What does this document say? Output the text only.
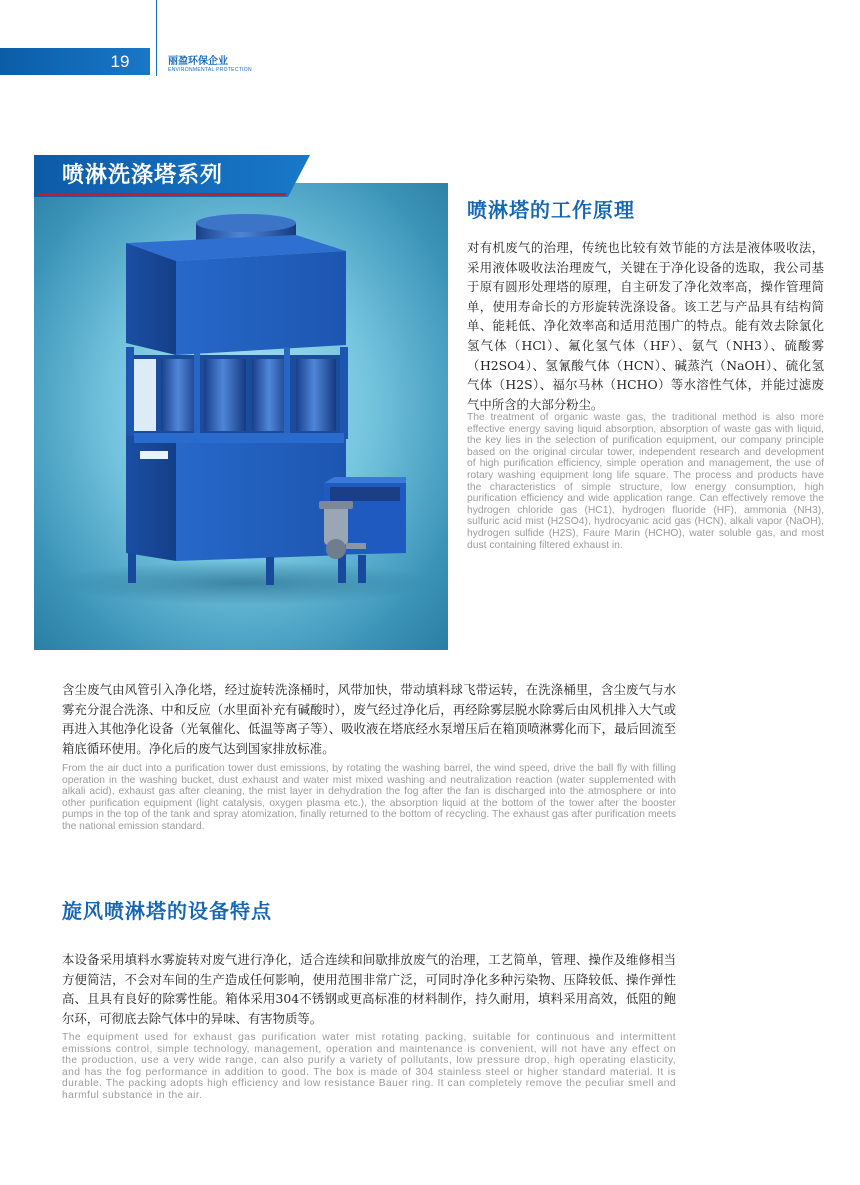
19	丽盈环保企业
ENVIRONMENTAL PROTECTION
喷淋洗涤塔系列
喷淋塔的工作原理
对有机废气的治理，传统也比较有效节能的方法是液体吸收法，采用液体吸收法治理废气，关键在于净化设备的选取，我公司基于原有圆形处理塔的原理，自主研发了净化效率高，操作管理简单，使用寿命长的方形旋转洗涤设备。该工艺与产品具有结构简单、能耗低、净化效率高和适用范围广的特点。能有效去除氯化氢气体（HCl）、氟化氢气体（HF）、氨气（NH3）、硫酸雾（H2SO4）、氢氰酸气体（HCN）、碱蒸汽（NaOH）、硫化氢气体（H2S）、福尔马林（HCHO）等水溶性气体，并能过滤废气中所含的大部分粉尘。
The treatment of organic waste gas, the traditional method is also more effective energy saving liquid absorption, absorption of waste gas with liquid, the key lies in the selection of purification equipment, our company principle based on the original circular tower, independent research and development of high purification efficiency, simple operation and management, the use of rotary washing equipment long life square. The process and products have the characteristics of simple structure, low energy consumption, high purification efficiency and wide application range. Can effectively remove the hydrogen chloride gas (HC1), hydrogen fluoride (HF), ammonia (NH3), sulfuric acid mist (H2SO4), hydrocyanic acid gas (HCN), alkali vapor (NaOH), hydrogen sulfide (H2S), Faure Marin (HCHO), water soluble gas, and most dust containing filtered exhaust in.
含尘废气由风管引入净化塔，经过旋转洗涤桶时，风带加快，带动填料球飞带运转，在洗涤桶里，含尘废气与水雾充分混合洗涤、中和反应（水里面补充有碱酸时），废气经过净化后，再经除雾层脱水除雾后由风机排入大气或再进入其他净化设备（光氧催化、低温等离子等）、吸收液在塔底经水泵增压后在箱顶喷淋雾化而下，最后回流至箱底循环使用。净化后的废气达到国家排放标准。
From the air duct into a purification tower dust emissions, by rotating the washing barrel, the wind speed, drive the ball fly with filling operation in the washing bucket, dust exhaust and water mist mixed washing and neutralization reaction (water supplemented with alkali acid), exhaust gas after cleaning, the mist layer in dehydration the fog after the fan is discharged into the atmosphere or into other purification equipment (light catalysis, oxygen plasma etc.), the absorption liquid at the bottom of the tower after the booster pumps in the top of the tank and spray atomization, finally returned to the bottom of recycling. The exhaust gas after purification meets the national emission standard.
旋风喷淋塔的设备特点
本设备采用填料水雾旋转对废气进行净化，适合连续和间歇排放废气的治理，工艺简单，管理、操作及维修相当方便简洁，不会对车间的生产造成任何影响，使用范围非常广泛，可同时净化多种污染物、压降较低、操作弹性高、且具有良好的除雾性能。箱体采用304不锈钢或更高标准的材料制作，持久耐用，填料采用高效，低阻的鲍尔环，可彻底去除气体中的异味、有害物质等。
The equipment used for exhaust gas purification water mist rotating packing, suitable for continuous and intermittent emissions control, simple technology, management, operation and maintenance is convenient, will not have any effect on the production, use a very wide range, can also purify a variety of pollutants, low pressure drop, high operating elasticity, and has the fog performance in addition to good. The box is made of 304 stainless steel or higher standard material. It is durable. The packing adopts high efficiency and low resistance Bauer ring. It can completely remove the peculiar smell and harmful substance in the air.
